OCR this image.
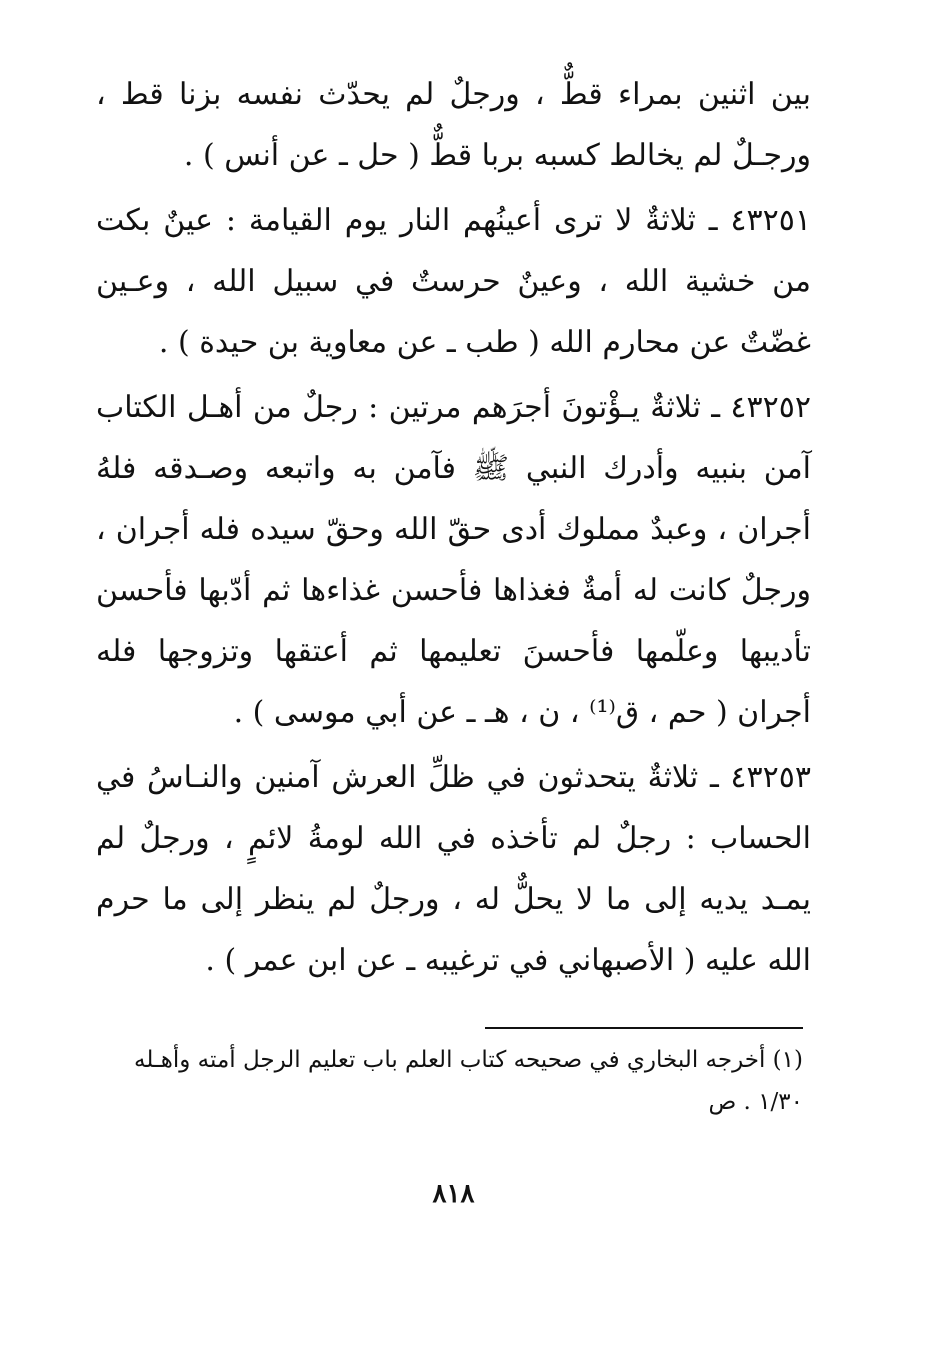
بين اثنين بمراء قطٌّ ، ورجلٌ لم يحدّث نفسه بزنا قط ، ورجـلٌ لم يخالط كسبه بربا قطٌّ ( حل ـ عن أنس ) .

٤٣٢٥١ ـ ثلاثةٌ لا ترى أعينُهم النار يوم القيامة : عينٌ بكت من خشية الله ، وعينٌ حرستٌ في سبيل الله ، وعـين غضّتٌ عن محارم الله ( طب ـ عن معاوية بن حيدة ) .

٤٣٢٥٢ ـ ثلاثةٌ يـؤْتونَ أجرَهم مرتين : رجلٌ من أهـل الكتاب آمن بنبيه وأدرك النبي ﷺ فآمن به واتبعه وصـدقه فلهُ أجران ، وعبدٌ مملوك أدى حقّ الله وحقّ سيده فله أجران ، ورجلٌ كانت له أمةٌ فغذاها فأحسن غذاءها ثم أدّبها فأحسن تأديبها وعلّمها فأحسنَ تعليمها ثم أعتقها وتزوجها فله أجران ( حم ، ق⁽¹⁾ ، ن ، هـ ـ عن أبي موسى ) .

٤٣٢٥٣ ـ ثلاثةٌ يتحدثون في ظلِّ العرش آمنين والنـاسُ في الحساب : رجلٌ لم تأخذه في الله لومةُ لائمٍ ، ورجلٌ لم يمـد يديه إلى ما لا يحلٌّ له ، ورجلٌ لم ينظر إلى ما حرم الله عليه ( الأصبهاني في ترغيبه ـ عن ابن عمر ) .

(١) أخرجه البخاري في صحيحه كتاب العلم باب تعليم الرجل أمته وأهـله ١/٣٠ . ص

٨١٨
